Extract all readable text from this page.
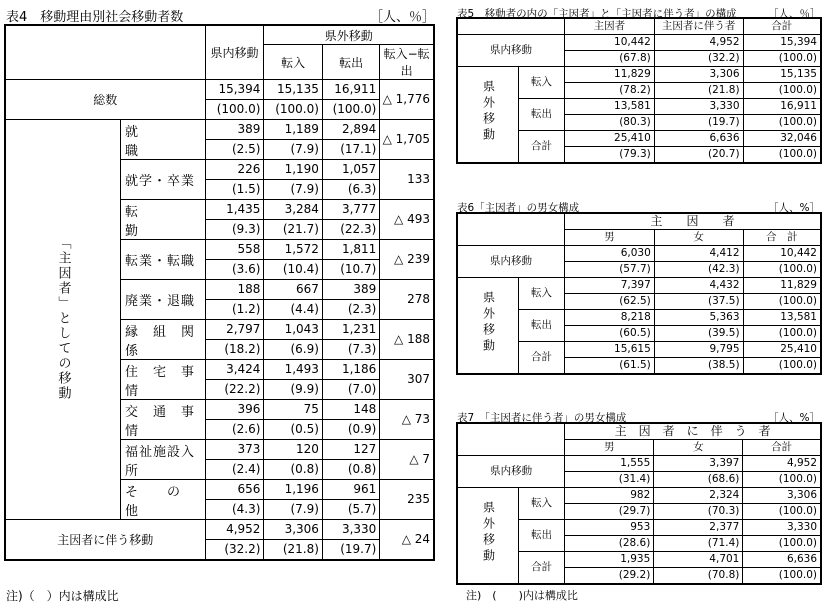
表4　移動理由別社会移動者数	［人、％］
		県内移動	県外移動		
			転入	転出	転入−転出
総数		15,394	15,135	16,911	△ 1,776
		(100.0)	(100.0)	(100.0)	
「主因者」としての移動	就　　　　職	389	1,189	2,894	△ 1,705
		(2.5)	(7.9)	(17.1)	
	就学・卒業	226	1,190	1,057	133
		(1.5)	(7.9)	(6.3)	
	転　　　　勤	1,435	3,284	3,777	△ 493
		(9.3)	(21.7)	(22.3)	
	転業・転職	558	1,572	1,811	△ 239
		(3.6)	(10.4)	(10.7)	
	廃業・退職	188	667	389	278
		(1.2)	(4.4)	(2.3)	
	縁　組　関　係	2,797	1,043	1,231	△ 188
		(18.2)	(6.9)	(7.3)	
	住　宅　事　情	3,424	1,493	1,186	307
		(22.2)	(9.9)	(7.0)	
	交　通　事　情	396	75	148	△ 73
		(2.6)	(0.5)	(0.9)	
	福祉施設入所	373	120	127	△ 7
		(2.4)	(0.8)	(0.8)	
	そ　　の　　他	656	1,196	961	235
		(4.3)	(7.9)	(5.7)	
主因者に伴う移動		4,952	3,306	3,330	△ 24
		(32.2)	(21.8)	(19.7)	
注)（　）内は構成比
表5　移動者の内の「主因者」と「主因者に伴う者」の構成	［人、％］
		主因者	主因者に伴う者	合計
県内移動		10,442	4,952	15,394
		(67.8)	(32.2)	(100.0)
県外移動	転入	11,829	3,306	15,135
		(78.2)	(21.8)	(100.0)
	転出	13,581	3,330	16,911
		(80.3)	(19.7)	(100.0)
	合計	25,410	6,636	32,046
		(79.3)	(20.7)	(100.0)
表6「主因者」の男女構成	［人、%］
		主　　因　　者		
		男	女	合　計
県内移動		6,030	4,412	10,442
		(57.7)	(42.3)	(100.0)
県外移動	転入	7,397	4,432	11,829
		(62.5)	(37.5)	(100.0)
	転出	8,218	5,363	13,581
		(60.5)	(39.5)	(100.0)
	合計	15,615	9,795	25,410
		(61.5)	(38.5)	(100.0)
表7　「主因者に伴う者」の男女構成	［人、%］
		主　因　者　に　伴　う　者		
		男	女	合計
県内移動		1,555	3,397	4,952
		(31.4)	(68.6)	(100.0)
県外移動	転入	982	2,324	3,306
		(29.7)	(70.3)	(100.0)
	転出	953	2,377	3,330
		(28.6)	(71.4)	(100.0)
	合計	1,935	4,701	6,636
		(29.2)	(70.8)	(100.0)
注)　(　　)内は構成比
